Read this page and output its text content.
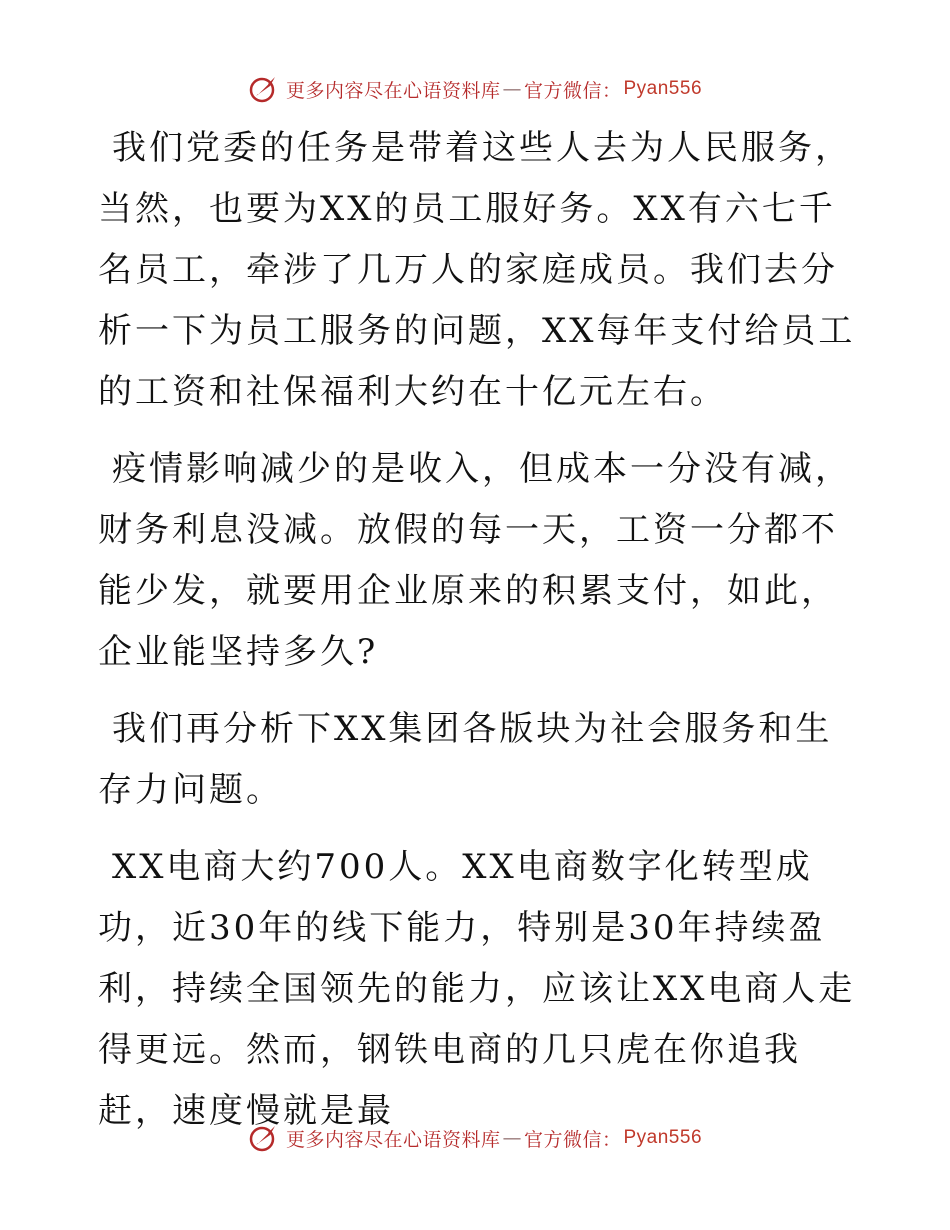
更多内容尽在心语资料库 — 官方微信： Pyan556

我们党委的任务是带着这些人去为人民服务，当然，也要为XX的员工服好务。XX有六七千名员工，牵涉了几万人的家庭成员。我们去分析一下为员工服务的问题，XX每年支付给员工的工资和社保福利大约在十亿元左右。

疫情影响减少的是收入，但成本一分没有减，财务利息没减。放假的每一天，工资一分都不能少发，就要用企业原来的积累支付，如此，企业能坚持多久?

我们再分析下XX集团各版块为社会服务和生存力问题。

XX电商大约700人。XX电商数字化转型成功，近30年的线下能力，特别是30年持续盈利，持续全国领先的能力，应该让XX电商人走得更远。然而，钢铁电商的几只虎在你追我赶，速度慢就是最

更多内容尽在心语资料库 — 官方微信： Pyan556
